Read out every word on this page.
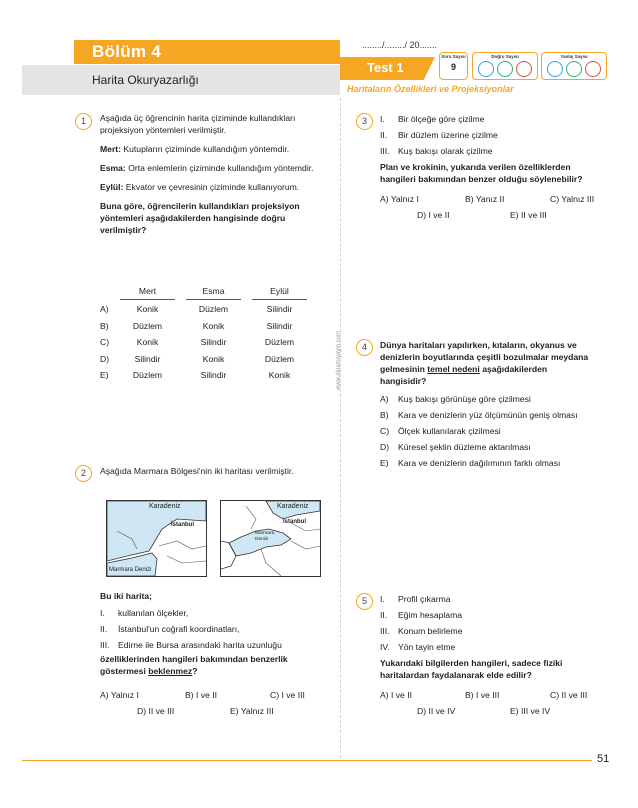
Bölüm 4
Harita Okuryazarlığı
......../......../ 20.......
Test 1
Haritaların Özellikleri ve Projeksiyonlar
Soru Sayısı
9
Doğru Sayısı	Yanlış Sayısı
www.dinamiyayin.com
1	Aşağıda üç öğrencinin harita çiziminde kullandıkları projeksiyon yöntemleri verilmiştir.
Mert: Kutupların çiziminde kullandığım yöntemdir.
Esma: Orta enlemlerin çiziminde kullandığım yöntemdir.
Eylül: Ekvator ve çevresinin çiziminde kullanıyorum.
Buna göre, öğrencilerin kullandıkları projeksiyon yöntemleri aşağıdakilerden hangisinde doğru verilmiştir?
Mert	Esma	Eylül
A)	Konik	Düzlem	Silindir
B)	Düzlem	Konik	Silindir
C)	Konik	Silindir	Düzlem
D)	Silindir	Konik	Düzlem
E)	Düzlem	Silindir	Konik
2	Aşağıda Marmara Bölgesi'nin iki haritası verilmiştir.
Karadeniz
İstanbul
Marmara Denizi
Karadeniz
İstanbul
Marmara Denizi
Bu iki harita;
I. kullanılan ölçekler,
II. İstanbul'un coğrafi koordinatları,
III. Edirne ile Bursa arasındaki harita uzunluğu
özelliklerinden hangileri bakımından benzerlik göstermesi beklenmez?
A) Yalnız I	B) I ve II	C) I ve III
D) II ve III	E) Yalnız III
3	I. Bir ölçeğe göre çizilme
II. Bir düzlem üzerine çizilme
III. Kuş bakışı olarak çizilme
Plan ve krokinin, yukarıda verilen özelliklerden hangileri bakımından benzer olduğu söylenebilir?
A) Yalnız I	B) Yanız II	C) Yalnız III
D) I ve II	E) II ve III
4	Dünya haritaları yapılırken, kıtaların, okyanus ve denizlerin boyutlarında çeşitli bozulmalar meydana gelmesinin temel nedeni aşağıdakilerden hangisidir?
A) Kuş bakışı görünüşe göre çizilmesi
B) Kara ve denizlerin yüz ölçümünün geniş olması
C) Ölçek kullanılarak çizilmesi
D) Küresel şeklin düzleme aktarılması
E) Kara ve denizlerin dağılımının farklı olması
5	I. Profil çıkarma
II. Eğim hesaplama
III. Konum belirleme
IV. Yön tayin etme
Yukarıdaki bilgilerden hangileri, sadece fiziki haritalardan faydalanarak elde edilir?
A) I ve II	B) I ve III	C) II ve III
D) II ve IV	E) III ve IV
51
